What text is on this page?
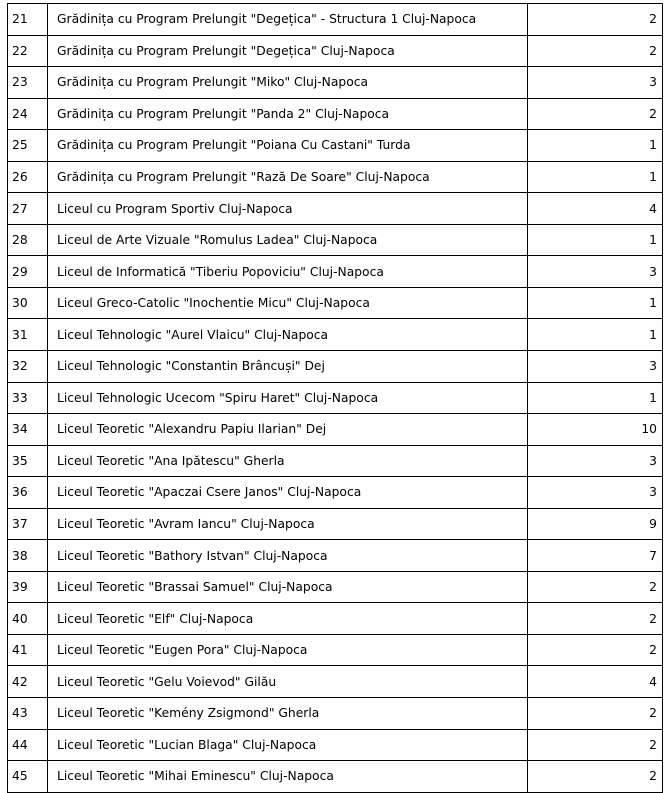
21	Grădinița cu Program Prelungit "Degețica" - Structura 1 Cluj-Napoca	2
22	Grădinița cu Program Prelungit "Degețica" Cluj-Napoca	2
23	Grădinița cu Program Prelungit "Miko" Cluj-Napoca	3
24	Grădinița cu Program Prelungit "Panda 2" Cluj-Napoca	2
25	Grădinița cu Program Prelungit "Poiana Cu Castani" Turda	1
26	Grădinița cu Program Prelungit "Rază De Soare" Cluj-Napoca	1
27	Liceul cu Program Sportiv Cluj-Napoca	4
28	Liceul de Arte Vizuale "Romulus Ladea" Cluj-Napoca	1
29	Liceul de Informatică "Tiberiu Popoviciu" Cluj-Napoca	3
30	Liceul Greco-Catolic "Inochentie Micu" Cluj-Napoca	1
31	Liceul Tehnologic "Aurel Vlaicu" Cluj-Napoca	1
32	Liceul Tehnologic "Constantin Brâncuși" Dej	3
33	Liceul Tehnologic Ucecom "Spiru Haret" Cluj-Napoca	1
34	Liceul Teoretic "Alexandru Papiu Ilarian" Dej	10
35	Liceul Teoretic "Ana Ipătescu" Gherla	3
36	Liceul Teoretic "Apaczai Csere Janos" Cluj-Napoca	3
37	Liceul Teoretic "Avram Iancu" Cluj-Napoca	9
38	Liceul Teoretic "Bathory Istvan" Cluj-Napoca	7
39	Liceul Teoretic "Brassai Samuel" Cluj-Napoca	2
40	Liceul Teoretic "Elf" Cluj-Napoca	2
41	Liceul Teoretic "Eugen Pora" Cluj-Napoca	2
42	Liceul Teoretic "Gelu Voievod" Gilău	4
43	Liceul Teoretic "Kemény Zsigmond" Gherla	2
44	Liceul Teoretic "Lucian Blaga" Cluj-Napoca	2
45	Liceul Teoretic "Mihai Eminescu" Cluj-Napoca	2
